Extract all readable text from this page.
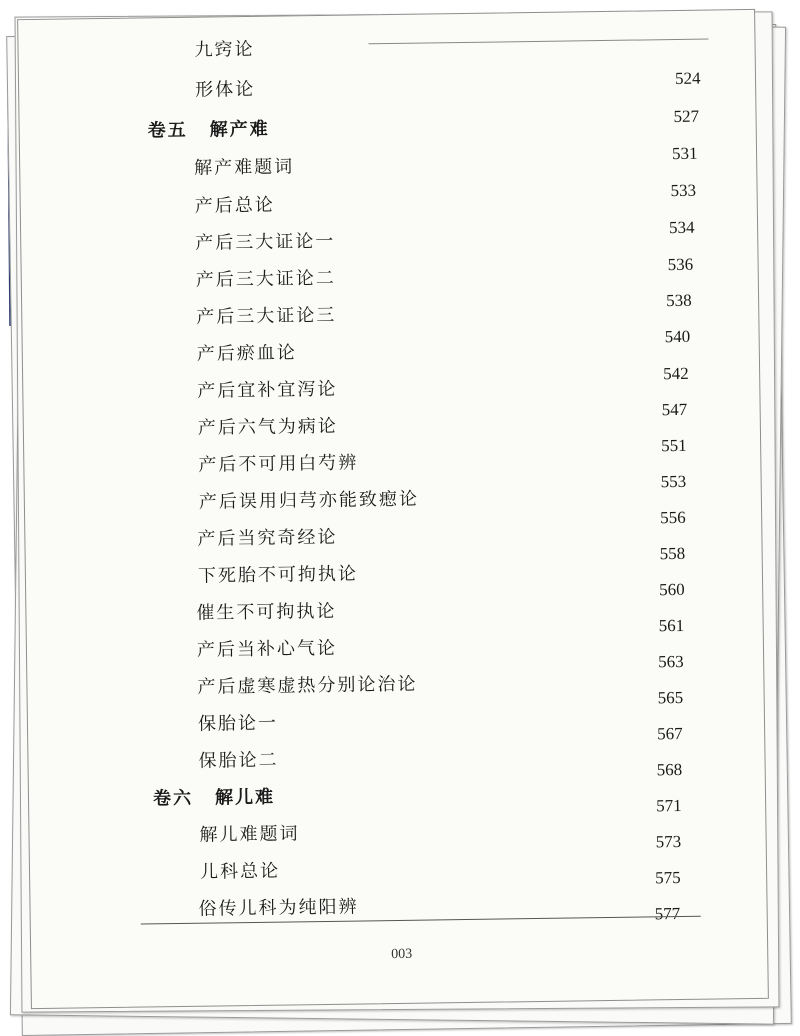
九窍论
形体论
524
卷五 解产难
527
解产难题词
531
产后总论
533
产后三大证论一
534
产后三大证论二
536
产后三大证论三
538
产后瘀血论
540
产后宜补宜泻论
542
产后六气为病论
547
产后不可用白芍辨
551
产后误用归芎亦能致瘛论
553
产后当究奇经论
556
下死胎不可拘执论
558
催生不可拘执论
560
产后当补心气论
561
产后虚寒虚热分别论治论
563
保胎论一
565
保胎论二
567
卷六 解儿难
568
解儿难题词
571
儿科总论
573
俗传儿科为纯阳辨
575
577
003
